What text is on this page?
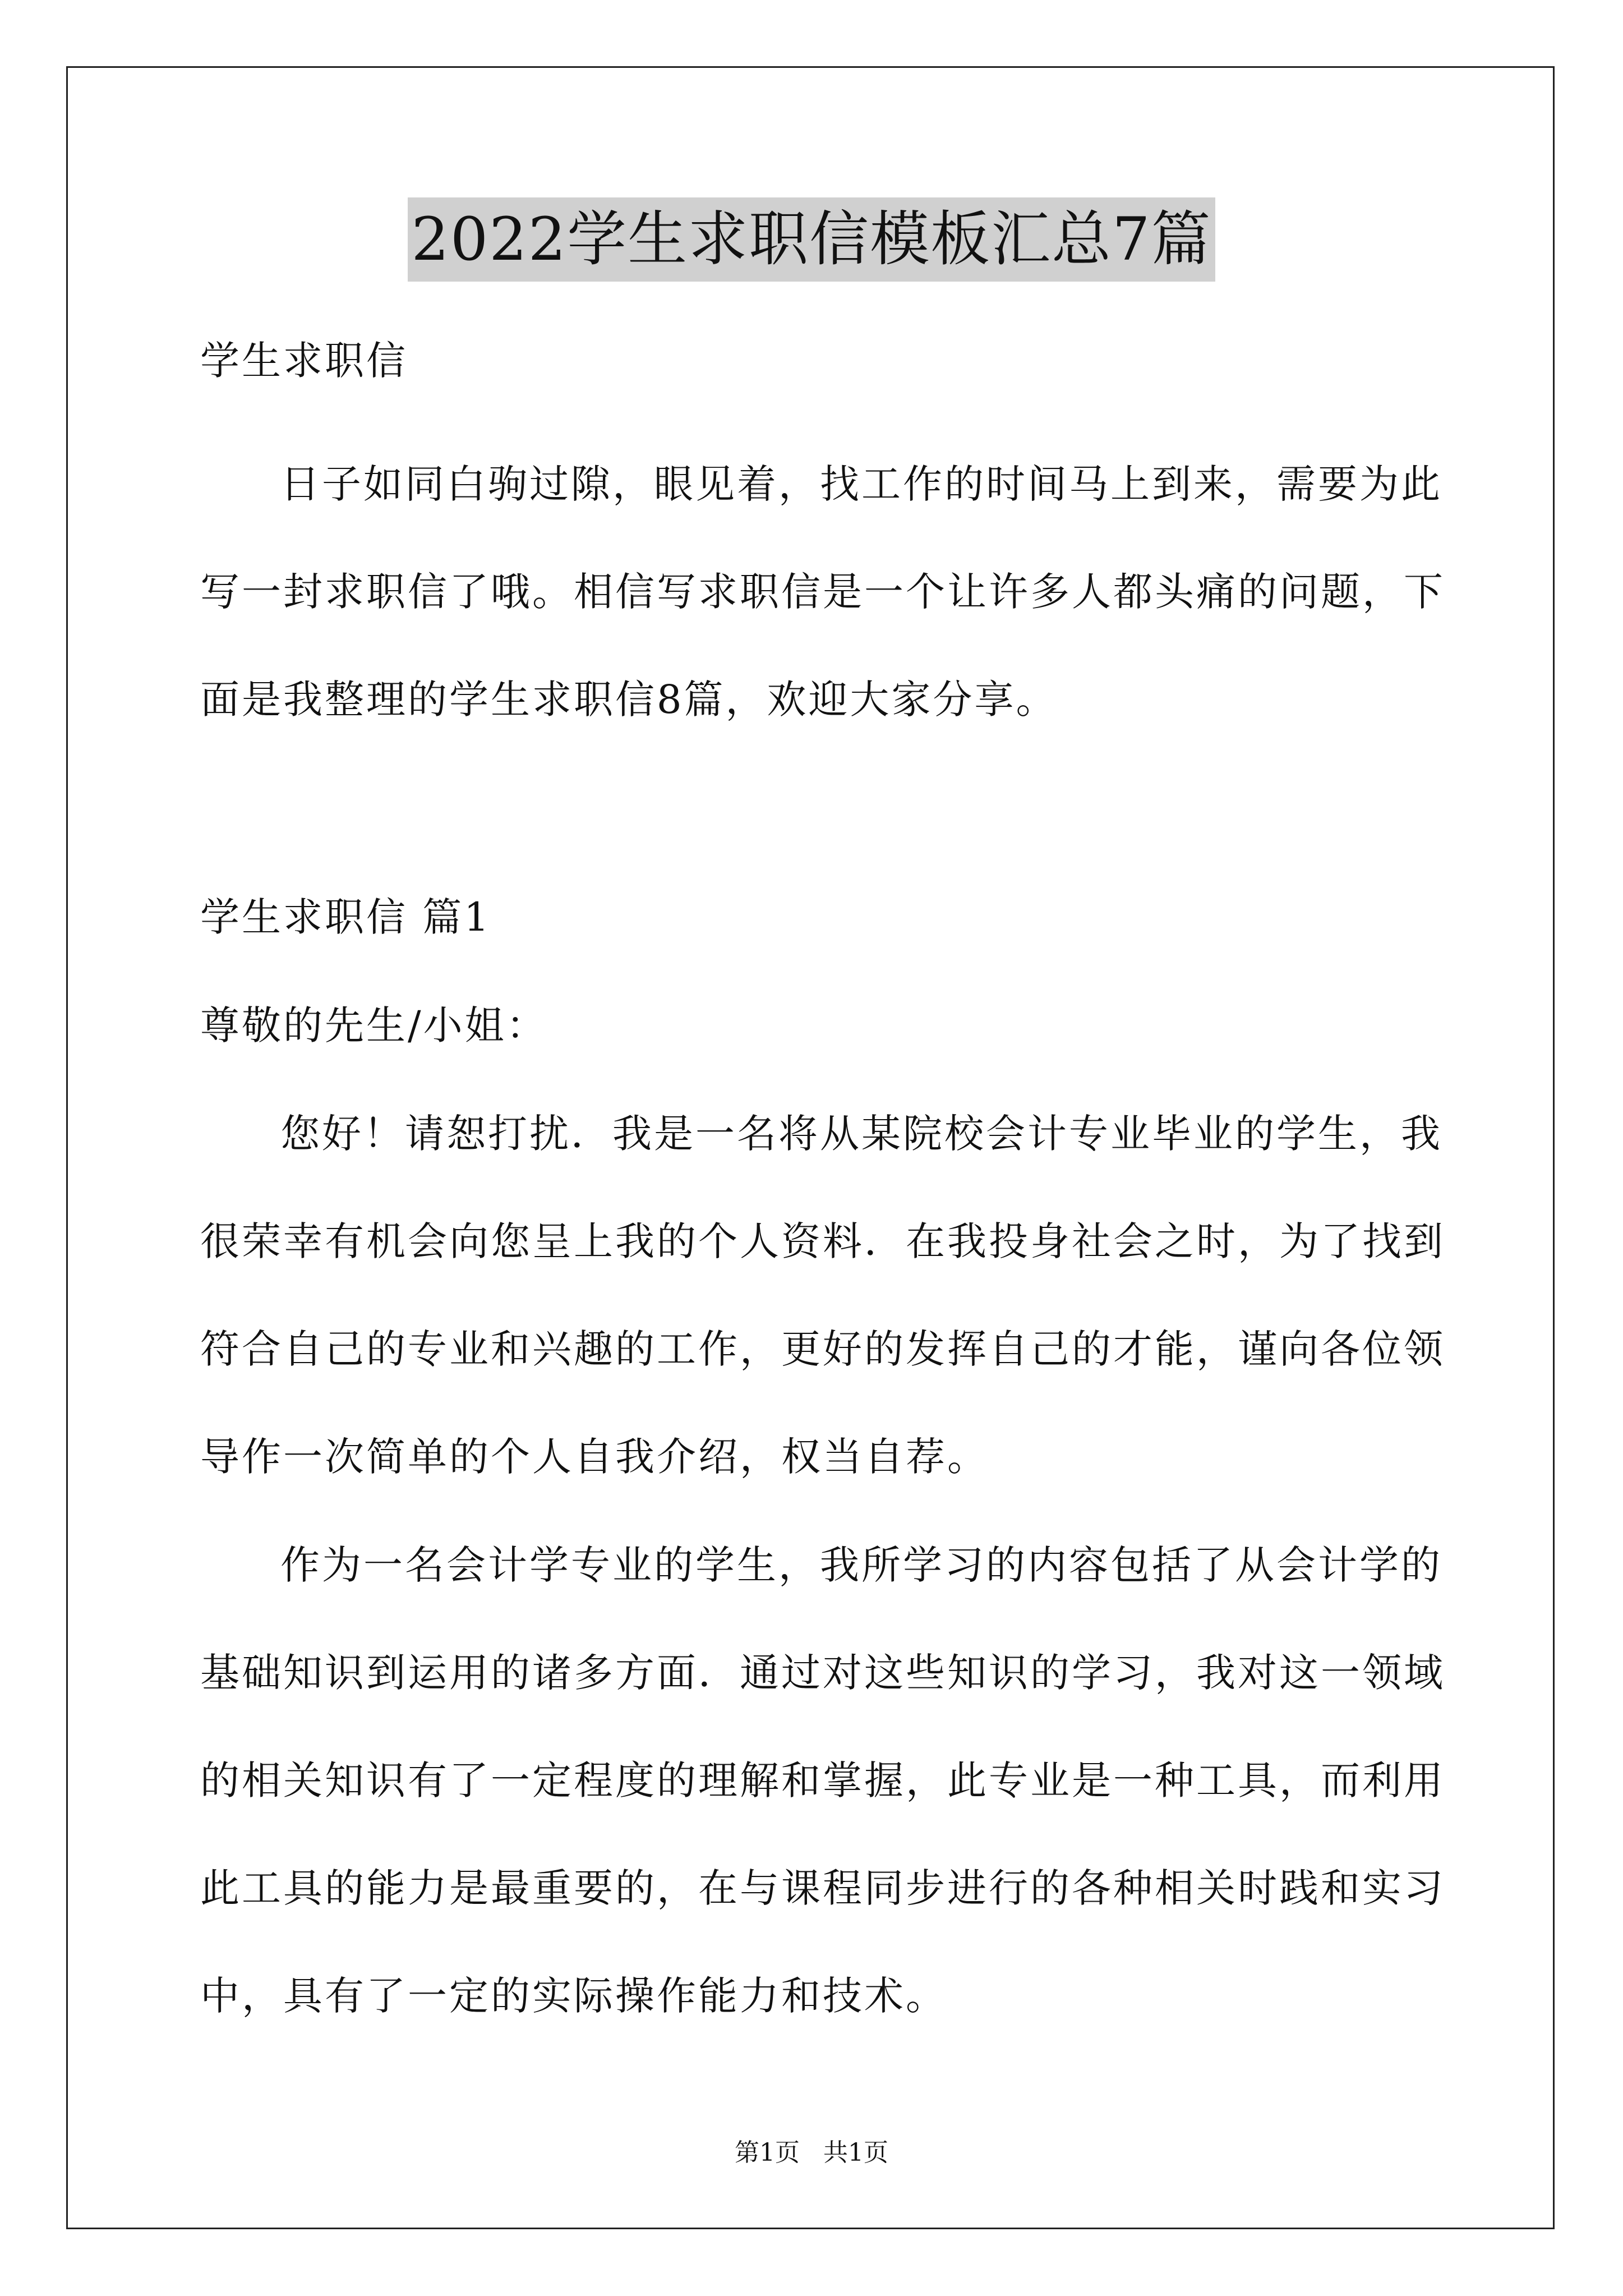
2022学生求职信模板汇总7篇
学生求职信
日子如同白驹过隙，眼见着，找工作的时间马上到来，需要为此
写一封求职信了哦。相信写求职信是一个让许多人都头痛的问题，下
面是我整理的学生求职信8篇，欢迎大家分享。
学生求职信 篇1
尊敬的先生/小姐：
您好！请恕打扰．我是一名将从某院校会计专业毕业的学生，我
很荣幸有机会向您呈上我的个人资料．在我投身社会之时，为了找到
符合自己的专业和兴趣的工作，更好的发挥自己的才能，谨向各位领
导作一次简单的个人自我介绍，权当自荐。
作为一名会计学专业的学生，我所学习的内容包括了从会计学的
基础知识到运用的诸多方面．通过对这些知识的学习，我对这一领域
的相关知识有了一定程度的理解和掌握，此专业是一种工具，而利用
此工具的能力是最重要的，在与课程同步进行的各种相关时践和实习
中，具有了一定的实际操作能力和技术。
第1页   共1页
